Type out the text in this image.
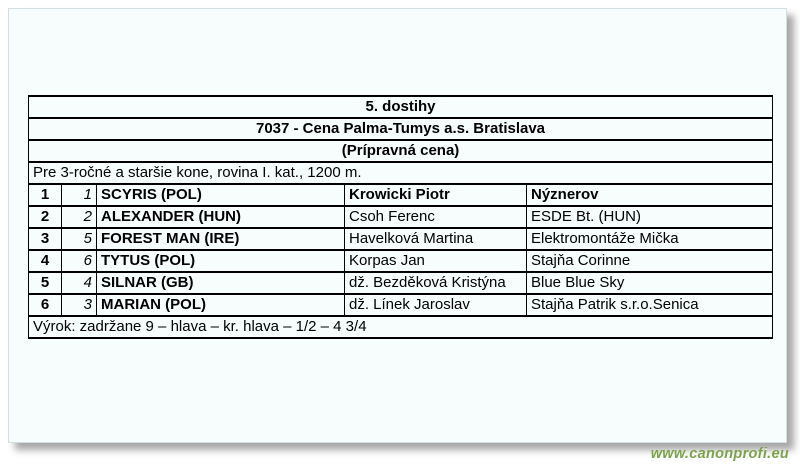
5. dostihy				
7037 - Cena Palma-Tumys a.s. Bratislava				
(Prípravná cena)				
Pre 3-ročné a staršie kone, rovina I. kat., 1200 m.				
1	1	SCYRIS (POL)	Krowicki Piotr	Nýznerov
2	2	ALEXANDER (HUN)	Csoh Ferenc	ESDE Bt. (HUN)
3	5	FOREST MAN (IRE)	Havelková Martina	Elektromontáže Mička
4	6	TYTUS (POL)	Korpas Jan	Stajňa Corinne
5	4	SILNAR (GB)	dž. Bezděková Kristýna	Blue Blue Sky
6	3	MARIAN (POL)	dž. Línek Jaroslav	Stajňa Patrik s.r.o.Senica
Výrok: zadržane 9 – hlava – kr. hlava – 1/2 – 4 3/4				
www.canonprofi.eu
